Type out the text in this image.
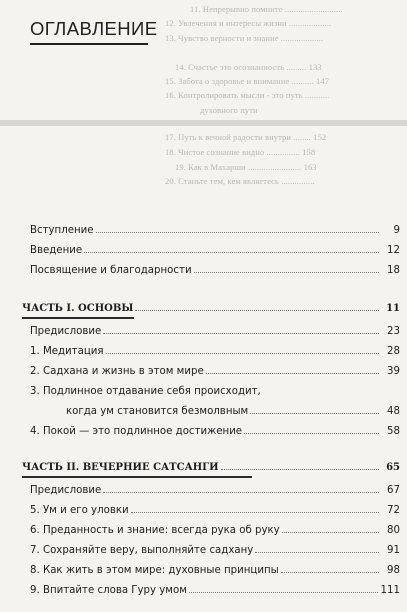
11. Непрерывно помните ..........................
12. Увлечения и интересы жизни ...................
13. Чувство верности и знание ...................
14. Счастье это осознанность ......... 133
15. Забота о здоровье и внимание .......... 147
16. Контролировать мысли - это путь ...........
духовного пути
17. Путь к вечной радости внутри ........ 152
18. Чистое сознание видно ............... 158
19. Как в Махарши ........................ 163
20. Станьте тем, кем являетесь ...............
ОГЛАВЛЕНИЕ
Вступление	9
Введение	12
Посвящение и благодарности	18
ЧАСТЬ I. ОСНОВЫ	11
Предисловие	23
1. Медитация	28
2. Садхана и жизнь в этом мире	39
3. Подлинное отдавание себя происходит,
когда ум становится безмолвным	48
4. Покой — это подлинное достижение	58
ЧАСТЬ II. ВЕЧЕРНИЕ САТСАНГИ	65
Предисловие	67
5. Ум и его уловки	72
6. Преданность и знание: всегда рука об руку	80
7. Сохраняйте веру, выполняйте садхану	91
8. Как жить в этом мире: духовные принципы	98
9. Впитайте слова Гуру умом	111
